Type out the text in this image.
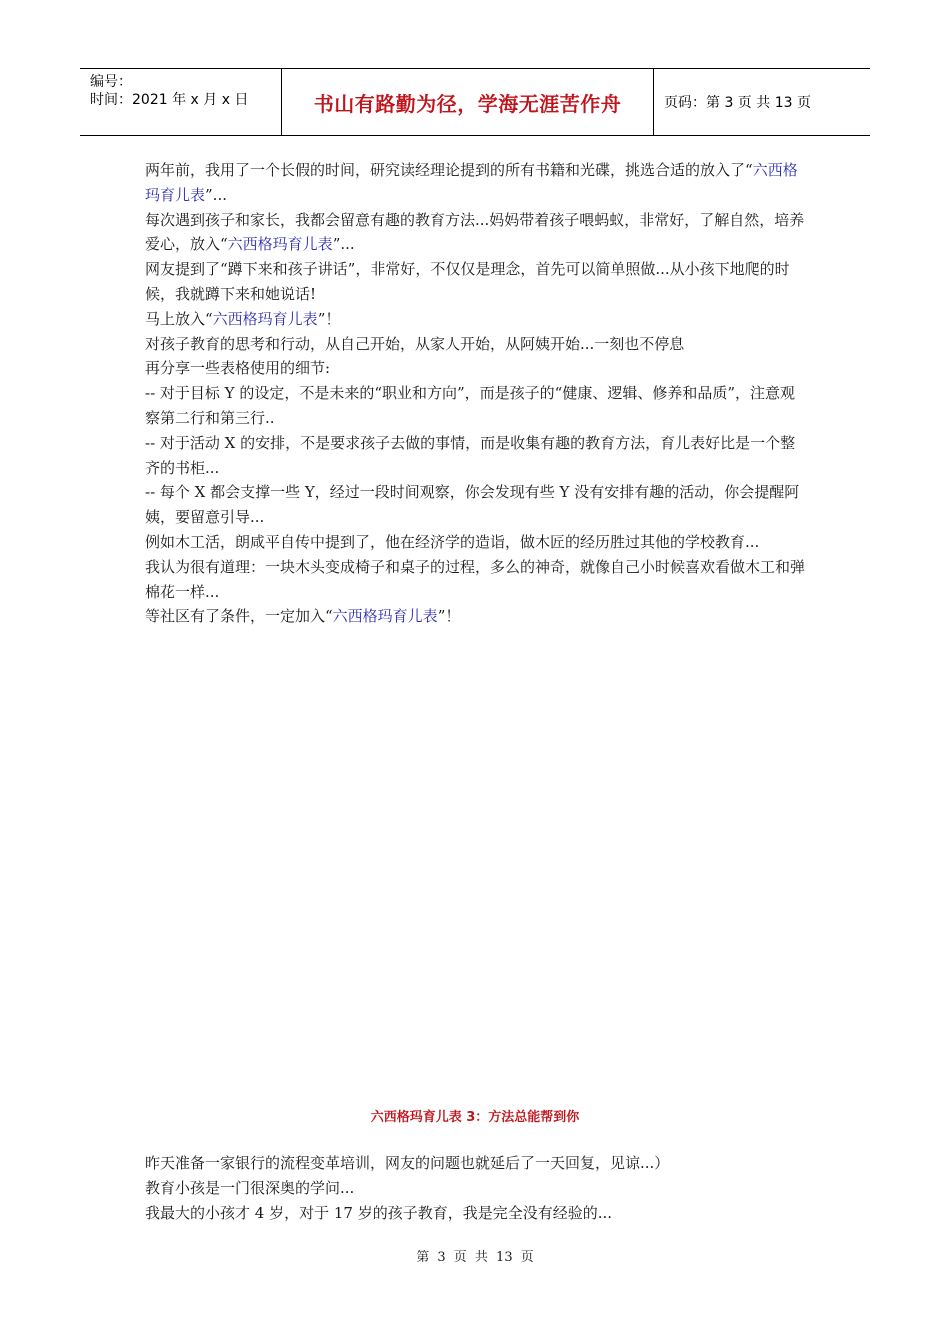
编号：
时间：2021 年 x 月 x 日	书山有路勤为径，学海无涯苦作舟	页码：第 3 页 共 13 页

两年前，我用了一个长假的时间，研究读经理论提到的所有书籍和光碟，挑选合适的放入了“六西格玛育儿表”...

每次遇到孩子和家长，我都会留意有趣的教育方法...妈妈带着孩子喂蚂蚁，非常好，了解自然，培养爱心，放入“六西格玛育儿表”...

网友提到了“蹲下来和孩子讲话”，非常好，不仅仅是理念，首先可以简单照做...从小孩下地爬的时候，我就蹲下来和她说话!

马上放入“六西格玛育儿表”！

对孩子教育的思考和行动，从自己开始，从家人开始，从阿姨开始...一刻也不停息

再分享一些表格使用的细节:

-- 对于目标 Y 的设定，不是未来的“职业和方向”，而是孩子的“健康、逻辑、修养和品质”，注意观察第二行和第三行..

-- 对于活动 X 的安排，不是要求孩子去做的事情，而是收集有趣的教育方法，育儿表好比是一个整齐的书柜...

-- 每个 X 都会支撑一些 Y，经过一段时间观察，你会发现有些 Y 没有安排有趣的活动，你会提醒阿姨，要留意引导...

例如木工活，朗咸平自传中提到了，他在经济学的造诣，做木匠的经历胜过其他的学校教育...

我认为很有道理：一块木头变成椅子和桌子的过程，多么的神奇，就像自己小时候喜欢看做木工和弹棉花一样...

等社区有了条件，一定加入“六西格玛育儿表”！

六西格玛育儿表 3：方法总能帮到你

昨天准备一家银行的流程变革培训，网友的问题也就延后了一天回复，见谅...）

教育小孩是一门很深奥的学问...

我最大的小孩才 4 岁，对于 17 岁的孩子教育，我是完全没有经验的...

第 3 页 共 13 页
